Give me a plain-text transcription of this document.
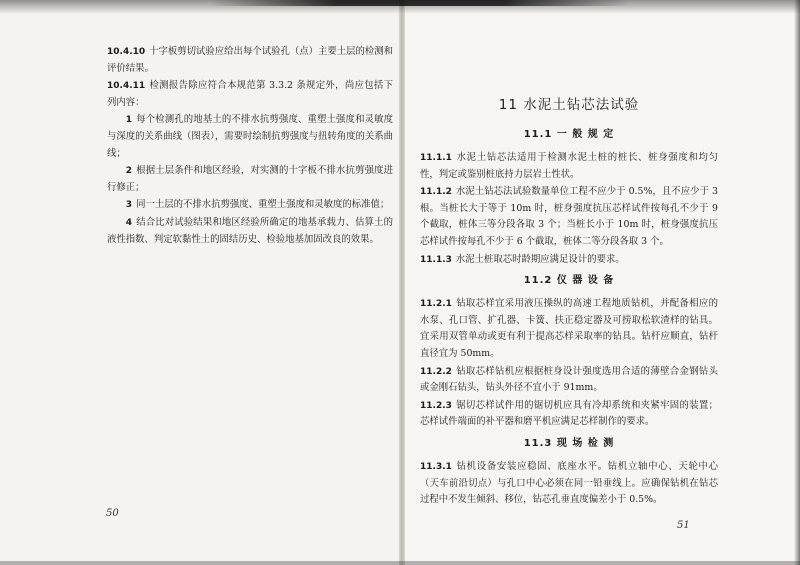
10.4.10 十字板剪切试验应给出每个试验孔（点）主要土层的检测和评价结果。

10.4.11 检测报告除应符合本规范第 3.3.2 条规定外，尚应包括下列内容：

1 每个检测孔的地基土的不排水抗剪强度、重塑土强度和灵敏度与深度的关系曲线（图表），需要时绘制抗剪强度与扭转角度的关系曲线；

2 根据土层条件和地区经验，对实测的十字板不排水抗剪强度进行修正；

3 同一土层的不排水抗剪强度、重塑土强度和灵敏度的标准值；

4 结合比对试验结果和地区经验所确定的地基承载力、估算土的液性指数、判定软黏性土的固结历史、检验地基加固改良的效果。

50
11 水泥土钻芯法试验
11.1 一 般 规 定

11.1.1 水泥土钻芯法适用于检测水泥土桩的桩长、桩身强度和均匀性，判定或鉴别桩底持力层岩土性状。

11.1.2 水泥土钻芯法试验数量单位工程不应少于 0.5%，且不应少于 3 根。当桩长大于等于 10m 时，桩身强度抗压芯样试件按每孔不少于 9 个截取，桩体三等分段各取 3 个；当桩长小于 10m 时，桩身强度抗压芯样试件按每孔不少于 6 个截取，桩体二等分段各取 3 个。

11.1.3 水泥土桩取芯时龄期应满足设计的要求。

11.2 仪 器 设 备

11.2.1 钻取芯样宜采用液压操纵的高速工程地质钻机，并配备相应的水泵、孔口管、扩孔器、卡簧、扶正稳定器及可捞取松软渣样的钻具。宜采用双管单动或更有利于提高芯样采取率的钻具。钻杆应顺直，钻杆直径宜为 50mm。

11.2.2 钻取芯样钻机应根据桩身设计强度选用合适的薄壁合金钢钻头或金刚石钻头，钻头外径不宜小于 91mm。

11.2.3 锯切芯样试件用的锯切机应具有冷却系统和夹紧牢固的装置；芯样试件端面的补平器和磨平机应满足芯样制作的要求。

11.3 现 场 检 测

11.3.1 钻机设备安装应稳固、底座水平。钻机立轴中心、天轮中心（天车前沿切点）与孔口中心必须在同一铅垂线上。应确保钻机在钻芯过程中不发生倾斜、移位，钻芯孔垂直度偏差小于 0.5%。

51
